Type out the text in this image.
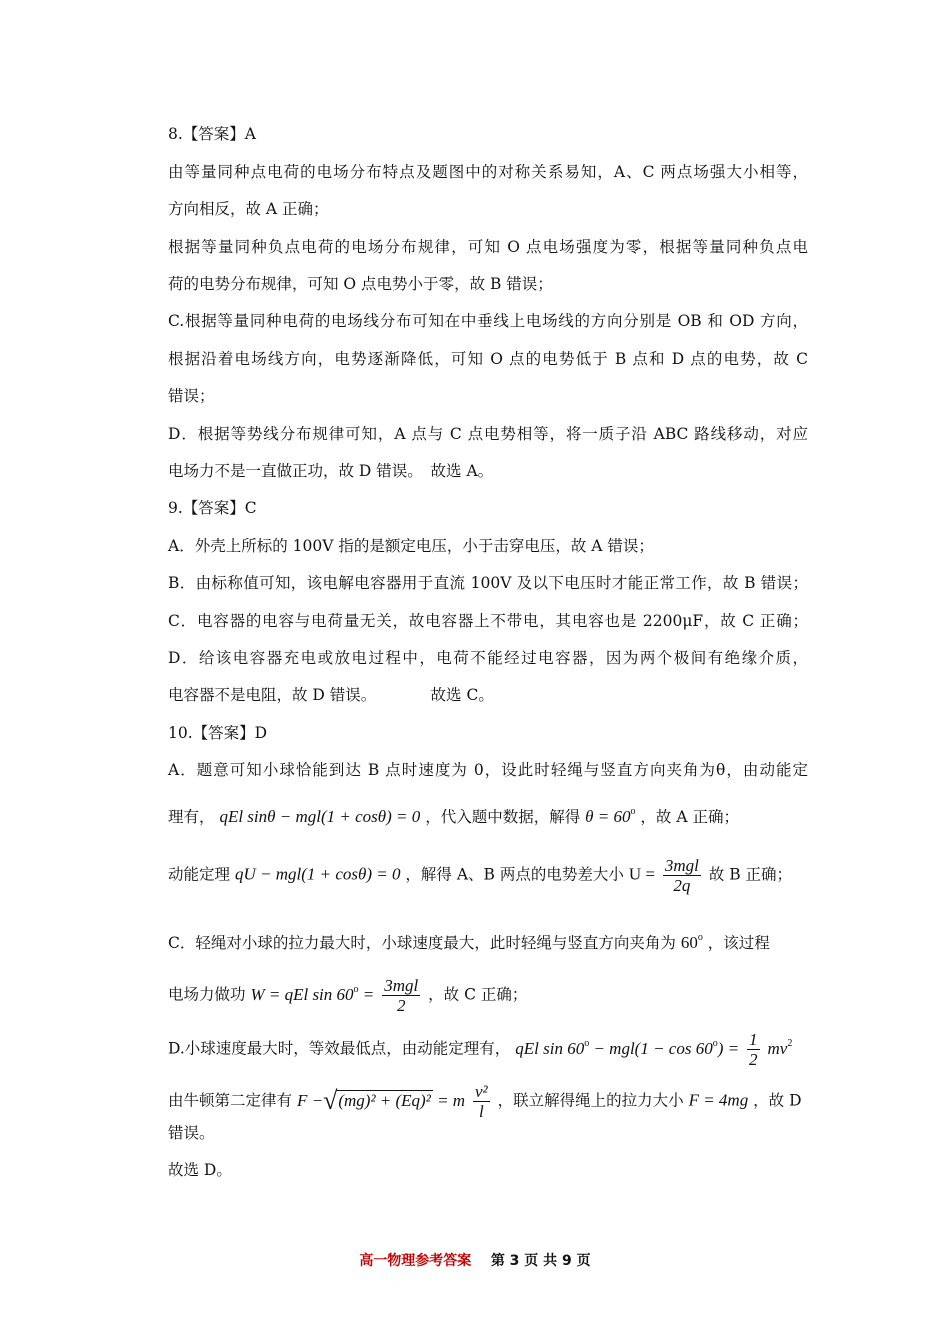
8.【答案】A
由等量同种点电荷的电场分布特点及题图中的对称关系易知，A、C 两点场强大小相等，
方向相反，故 A 正确；
根据等量同种负点电荷的电场分布规律，可知 O 点电场强度为零，根据等量同种负点电
荷的电势分布规律，可知 O 点电势小于零，故 B 错误；
C.根据等量同种电荷的电场线分布可知在中垂线上电场线的方向分别是 OB 和 OD 方向，
根据沿着电场线方向，电势逐渐降低，可知 O 点的电势低于 B 点和 D 点的电势，故 C
错误；
D．根据等势线分布规律可知，A 点与 C 点电势相等，将一质子沿 ABC 路线移动，对应
电场力不是一直做正功，故 D 错误。　故选 A。
9.【答案】C
A．外壳上所标的 100V 指的是额定电压，小于击穿电压，故 A 错误；
B．由标称值可知，该电解电容器用于直流 100V 及以下电压时才能正常工作，故 B 错误；
C．电容器的电容与电荷量无关，故电容器上不带电，其电容也是 2200μF，故 C 正确；
D．给该电容器充电或放电过程中，电荷不能经过电容器，因为两个极间有绝缘介质，
电容器不是电阻，故 D 错误。　　　　故选 C。
10.【答案】D
A．题意可知小球恰能到达 B 点时速度为 0，设此时轻绳与竖直方向夹角为θ，由动能定
理有， qEl sinθ − mgl(1 + cosθ) = 0 ，代入题中数据，解得 $\theta = 60^o$ ，故 A 正确；
动能定理 qU − mgl(1 + cosθ) = 0 ，解得 A、B 两点的电势差大小 $U = \frac{\text{3mgl}}{2q}$ 故 B 正确；
C．轻绳对小球的拉力最大时，小球速度最大，此时轻绳与竖直方向夹角为 60$^o$ ，该过程
电场力做功 W = qEl $\sin 60^o = \frac{\text{3mgl}}{2}$ ，故 C 正确；
D.小球速度最大时，等效最低点，由动能定理有， qEl $\sin 60^o - mgl(1 - \cos 60^o) = \frac{1}{2} mv^2$
由牛顿第二定律有 F −√(mg)² + (Eq)² = m $\frac{\text{v²}}{l}$ ，联立解得绳上的拉力大小 F = 4mg ，故 D
错误。
故选 D。
高一物理参考答案 第 3 页 共 9 页
